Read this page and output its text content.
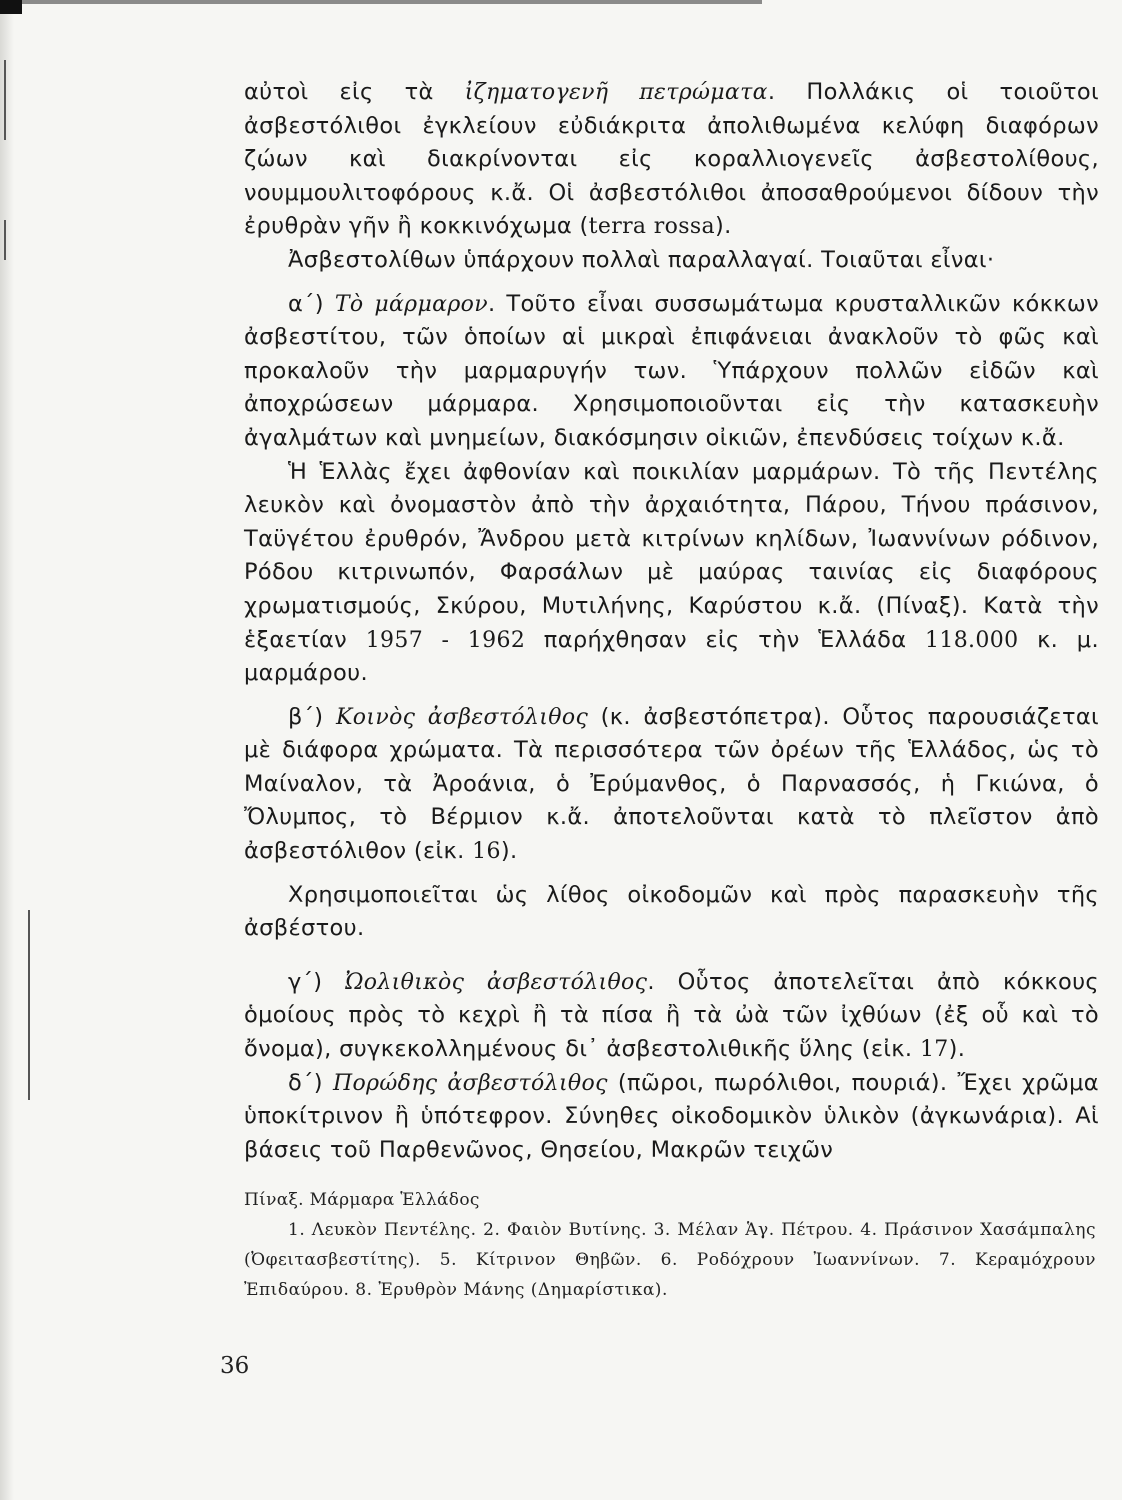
αὐτοὶ εἰς τὰ ἰζηματογενῆ πετρώματα. Πολλάκις οἱ τοιοῦτοι ἀσβεστόλιθοι ἐγκλείουν εὐδιάκριτα ἀπολιθωμένα κελύφη διαφόρων ζώων καὶ διακρίνονται εἰς κοραλλιογενεῖς ἀσβεστολίθους, νουμμουλιτοφόρους κ.ἄ. Οἱ ἀσβεστόλιθοι ἀποσαθρούμενοι δίδουν τὴν ἐρυθρὰν γῆν ἢ κοκκινόχωμα (terra rossa).

Ἀσβεστολίθων ὑπάρχουν πολλαὶ παραλλαγαί. Τοιαῦται εἶναι·

α΄) Τὸ μάρμαρον. Τοῦτο εἶναι συσσωμάτωμα κρυσταλλικῶν κόκκων ἀσβεστίτου, τῶν ὁποίων αἱ μικραὶ ἐπιφάνειαι ἀνακλοῦν τὸ φῶς καὶ προκαλοῦν τὴν μαρμαρυγήν των. Ὑπάρχουν πολλῶν εἰδῶν καὶ ἀποχρώσεων μάρμαρα. Χρησιμοποιοῦνται εἰς τὴν κατασκευὴν ἀγαλμάτων καὶ μνημείων, διακόσμησιν οἰκιῶν, ἐπενδύσεις τοίχων κ.ἄ.

Ἡ Ἑλλὰς ἔχει ἀφθονίαν καὶ ποικιλίαν μαρμάρων. Τὸ τῆς Πεντέλης λευκὸν καὶ ὀνομαστὸν ἀπὸ τὴν ἀρχαιότητα, Πάρου, Τήνου πράσινον, Ταϋγέτου ἐρυθρόν, Ἄνδρου μετὰ κιτρίνων κηλίδων, Ἰωαννίνων ρόδινον, Ρόδου κιτρινωπόν, Φαρσάλων μὲ μαύρας ταινίας εἰς διαφόρους χρωματισμούς, Σκύρου, Μυτιλήνης, Καρύστου κ.ἄ. (Πίναξ). Κατὰ τὴν ἑξαετίαν 1957 - 1962 παρήχθησαν εἰς τὴν Ἑλλάδα 118.000 κ. μ. μαρμάρου.

β΄) Κοινὸς ἀσβεστόλιθος (κ. ἀσβεστόπετρα). Οὗτος παρουσιάζεται μὲ διάφορα χρώματα. Τὰ περισσότερα τῶν ὀρέων τῆς Ἑλλάδος, ὡς τὸ Μαίναλον, τὰ Ἀροάνια, ὁ Ἐρύμανθος, ὁ Παρνασσός, ἡ Γκιώνα, ὁ Ὄλυμπος, τὸ Βέρμιον κ.ἄ. ἀποτελοῦνται κατὰ τὸ πλεῖστον ἀπὸ ἀσβεστόλιθον (εἰκ. 16).

Χρησιμοποιεῖται ὡς λίθος οἰκοδομῶν καὶ πρὸς παρασκευὴν τῆς ἀσβέστου.

γ΄) Ὠολιθικὸς ἀσβεστόλιθος. Οὗτος ἀποτελεῖται ἀπὸ κόκκους ὁμοίους πρὸς τὸ κεχρὶ ἢ τὰ πίσα ἢ τὰ ὠὰ τῶν ἰχθύων (ἐξ οὗ καὶ τὸ ὄνομα), συγκεκολλημένους δι᾽ ἀσβεστολιθικῆς ὕλης (εἰκ. 17).

δ΄) Πορώδης ἀσβεστόλιθος (πῶροι, πωρόλιθοι, πουριά). Ἔχει χρῶμα ὑποκίτρινον ἢ ὑπότεφρον. Σύνηθες οἰκοδομικὸν ὑλικὸν (ἀγκωνάρια). Αἱ βάσεις τοῦ Παρθενῶνος, Θησείου, Μακρῶν τειχῶν

Πίναξ. Μάρμαρα Ἑλλάδος

1. Λευκὸν Πεντέλης. 2. Φαιὸν Βυτίνης. 3. Μέλαν Ἁγ. Πέτρου. 4. Πράσινον Χασάμπαλης (Ὀφειτασβεστίτης). 5. Κίτρινον Θηβῶν. 6. Ροδόχρουν Ἰωαννίνων. 7. Κεραμόχρουν Ἐπιδαύρου. 8. Ἐρυθρὸν Μάνης (Δημαρίστικα).

36
